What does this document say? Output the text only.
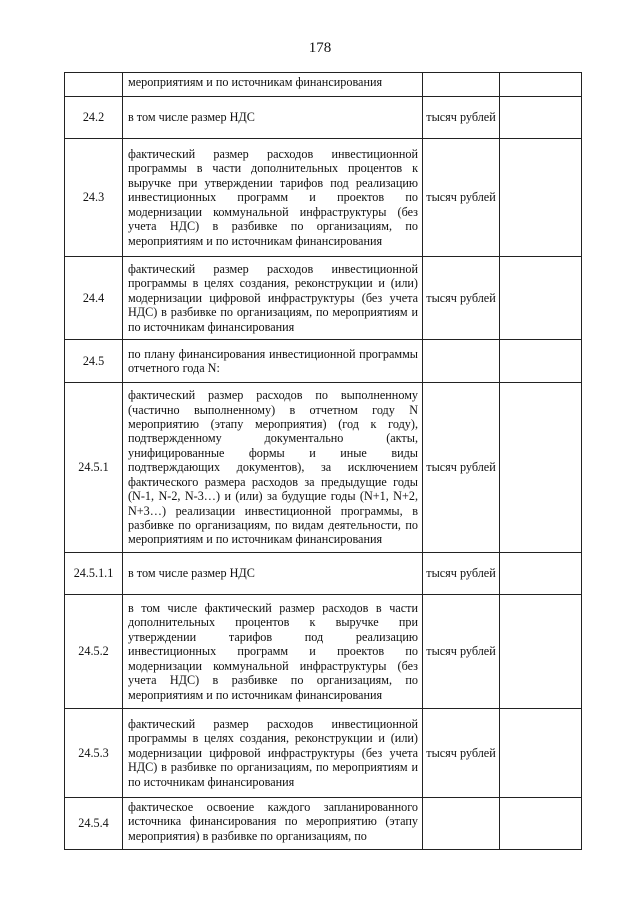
178
	мероприятиям и по источникам финансирования			
24.2	в том числе размер НДС	тысяч рублей		
24.3	фактический размер расходов инвестиционной программы в части дополнительных процентов к выручке при утверждении тарифов под реализацию инвестиционных программ и проектов по модернизации коммунальной инфраструктуры (без учета НДС) в разбивке по организациям, по мероприятиям и по источникам финансирования	тысяч рублей		
24.4	фактический размер расходов инвестиционной программы в целях создания, реконструкции и (или) модернизации цифровой инфраструктуры (без учета НДС) в разбивке по организациям, по мероприятиям и по источникам финансирования	тысяч рублей		
24.5	по плану финансирования инвестиционной программы отчетного года N:			
24.5.1	фактический размер расходов по выполненному (частично выполненному) в отчетном году N мероприятию (этапу мероприятия) (год к году), подтвержденному документально (акты, унифицированные формы и иные виды подтверждающих документов), за исключением фактического размера расходов за предыдущие годы (N-1, N-2, N-3…) и (или) за будущие годы (N+1, N+2, N+3…) реализации инвестиционной программы, в разбивке по организациям, по видам деятельности, по мероприятиям и по источникам финансирования	тысяч рублей		
24.5.1.1	в том числе размер НДС	тысяч рублей		
24.5.2	в том числе фактический размер расходов в части дополнительных процентов к выручке при утверждении тарифов под реализацию инвестиционных программ и проектов по модернизации коммунальной инфраструктуры (без учета НДС) в разбивке по организациям, по мероприятиям и по источникам финансирования	тысяч рублей		
24.5.3	фактический размер расходов инвестиционной программы в целях создания, реконструкции и (или) модернизации цифровой инфраструктуры (без учета НДС) в разбивке по организациям, по мероприятиям и по источникам финансирования	тысяч рублей		
24.5.4	фактическое освоение каждого запланированного источника финансирования по мероприятию (этапу мероприятия) в разбивке по организациям, по			
